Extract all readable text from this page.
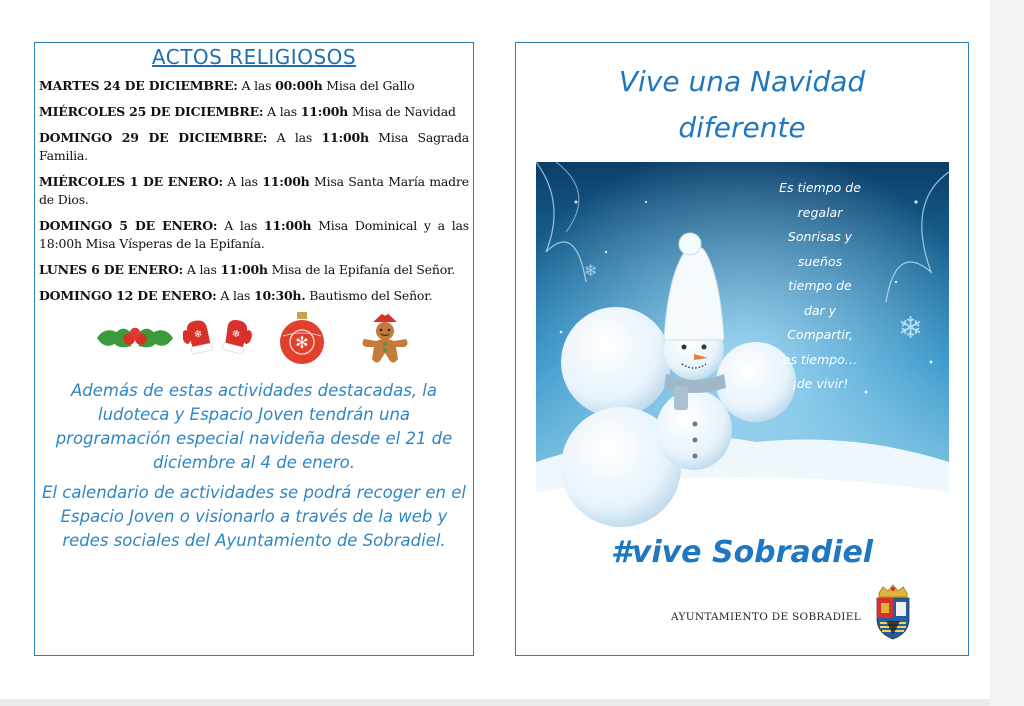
ACTOS RELIGIOSOS

MARTES 24 DE DICIEMBRE: A las 00:00h Misa del Gallo

MIÉRCOLES 25 DE DICIEMBRE: A las 11:00h Misa de Navidad

DOMINGO 29 DE DICIEMBRE: A las 11:00h Misa Sagrada Familia.

MIÉRCOLES 1 DE ENERO: A las 11:00h Misa Santa María madre de Dios.

DOMINGO 5 DE ENERO: A las 11:00h Misa Dominical y a las 18:00h Misa Vísperas de la Epifanía.

LUNES 6 DE ENERO: A las 11:00h Misa de la Epifanía del Señor.

DOMINGO 12 DE ENERO: A las 10:30h. Bautismo del Señor.

❄	❄	✻

Además de estas actividades destacadas, la ludoteca y Espacio Joven tendrán una programación especial navideña desde el 21 de diciembre al 4 de enero.

El calendario de actividades se podrá recoger en el Espacio Joven o visionarlo a través de la web y redes sociales del Ayuntamiento de Sobradiel.

Vive una Navidad
diferente
❄
❄

Es tiempo de
regalar
Sonrisas y
sueños
tiempo de
dar y
Compartir,
es tiempo…
¡de vivir!

#vive Sobradiel

AYUNTAMIENTO DE SOBRADIEL
